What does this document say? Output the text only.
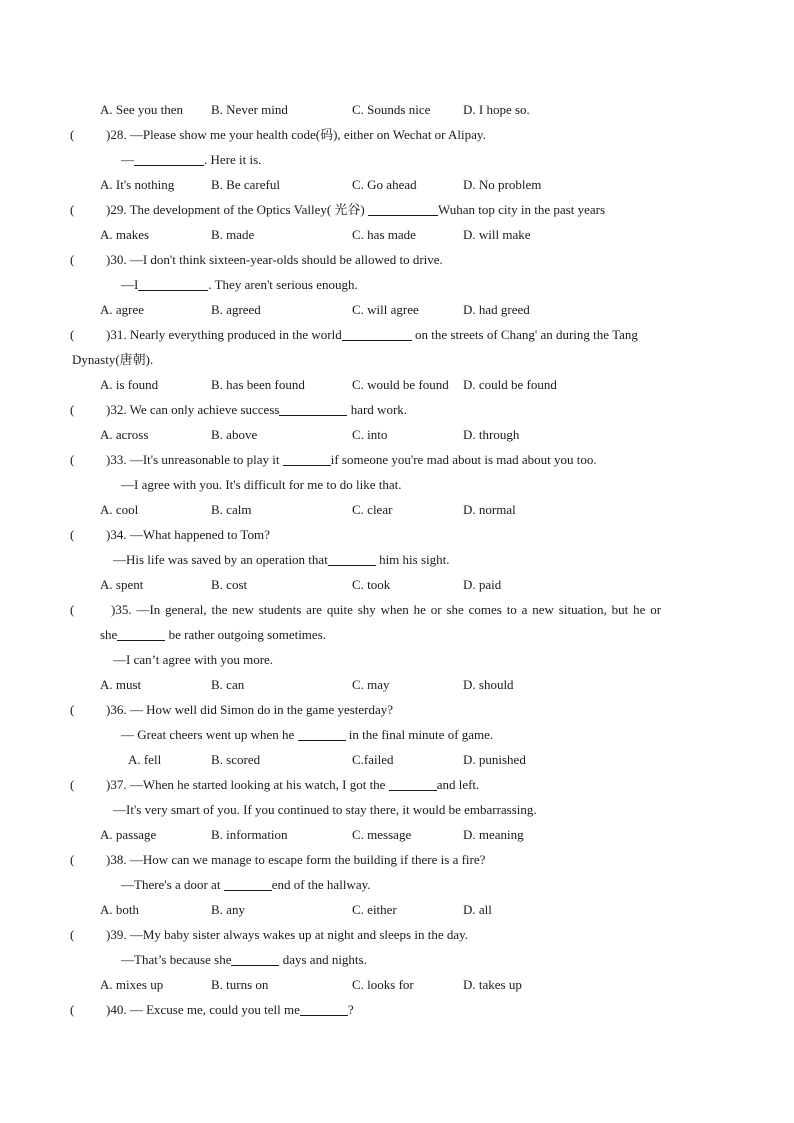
A. See you then B. Never mind	C. Sounds nice	D. I hope so.
( )28. —Please show me your health code(码), either on Wechat or Alipay.
—	. Here it is.
A. It's nothing	B. Be careful	C. Go ahead	D. No problem
( )29. The development of the Optics Valley( 光谷)	Wuhan top city in the past years
A. makes	B. made	C. has made	D. will make
( )30. —I don't think sixteen-year-olds should be allowed to drive.
—I	. They aren't serious enough.
A. agree	B. agreed	C. will agree	D. had greed
( )31. Nearly everything produced in the world	on the streets of Chang' an during the Tang
Dynasty(唐朝).
A. is found	B. has been found	C. would be found D. could be found
( )32. We can only achieve success	hard work.
A. across	B. above	C. into	D. through
( )33. —It's unreasonable to play it	if someone you're mad about is mad about you too.
—I agree with you. It's difficult for me to do like that.
A. cool	B. calm	C. clear	D. normal
( )34. —What happened to Tom?
—His life was saved by an operation that	him his sight.
A. spent	B. cost	C. took	D. paid
(	)35. —In general, the new students are quite shy when he or she comes to a new situation, but he or
she	be rather outgoing sometimes.
—I can’t agree with you more.
A. must	B. can	C. may	D. should
( )36. — How well did Simon do in the game yesterday?
— Great cheers went up when he	in the final minute of game.
A. fell	B. scored	C.failed	D. punished
( )37. —When he started looking at his watch, I got the	and left.
—It's very smart of you. If you continued to stay there, it would be embarrassing.
A. passage	B. information	C. message	D. meaning
( )38. —How can we manage to escape form the building if there is a fire?
—There's a door at	end of the hallway.
A. both	B. any	C. either	D. all
( )39. —My baby sister always wakes up at night and sleeps in the day.
—That’s because she	days and nights.
A. mixes up	B. turns on	C. looks for	D. takes up
( )40. — Excuse me, could you tell me	?
